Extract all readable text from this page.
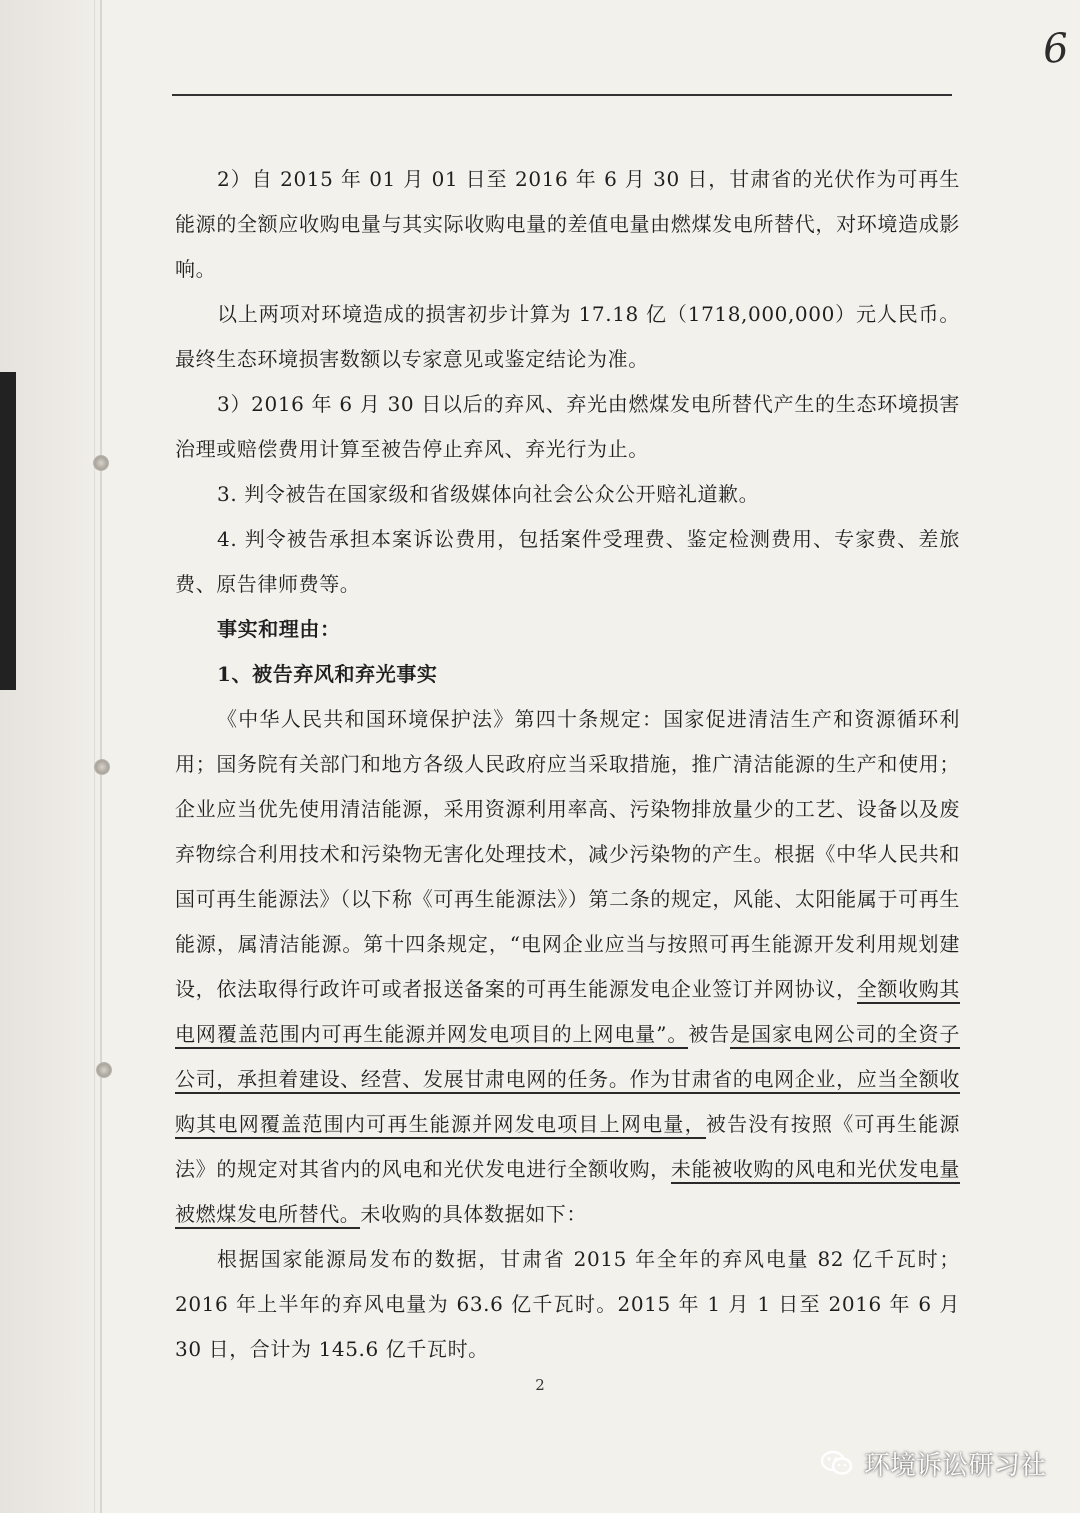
6

2）自 2015 年 01 月 01 日至 2016 年 6 月 30 日，甘肃省的光伏作为可再生能源的全额应收购电量与其实际收购电量的差值电量由燃煤发电所替代，对环境造成影响。

以上两项对环境造成的损害初步计算为 17.18 亿（1718,000,000）元人民币。最终生态环境损害数额以专家意见或鉴定结论为准。

3）2016 年 6 月 30 日以后的弃风、弃光由燃煤发电所替代产生的生态环境损害治理或赔偿费用计算至被告停止弃风、弃光行为止。

3. 判令被告在国家级和省级媒体向社会公众公开赔礼道歉。

4. 判令被告承担本案诉讼费用，包括案件受理费、鉴定检测费用、专家费、差旅费、原告律师费等。

事实和理由：

1、被告弃风和弃光事实

《中华人民共和国环境保护法》第四十条规定：国家促进清洁生产和资源循环利用；国务院有关部门和地方各级人民政府应当采取措施，推广清洁能源的生产和使用；企业应当优先使用清洁能源，采用资源利用率高、污染物排放量少的工艺、设备以及废弃物综合利用技术和污染物无害化处理技术，减少污染物的产生。根据《中华人民共和国可再生能源法》（以下称《可再生能源法》）第二条的规定，风能、太阳能属于可再生能源，属清洁能源。第十四条规定，“电网企业应当与按照可再生能源开发利用规划建设，依法取得行政许可或者报送备案的可再生能源发电企业签订并网协议，全额收购其电网覆盖范围内可再生能源并网发电项目的上网电量”。被告是国家电网公司的全资子公司，承担着建设、经营、发展甘肃电网的任务。作为甘肃省的电网企业，应当全额收购其电网覆盖范围内可再生能源并网发电项目上网电量，被告没有按照《可再生能源法》的规定对其省内的风电和光伏发电进行全额收购，未能被收购的风电和光伏发电量被燃煤发电所替代。未收购的具体数据如下：

根据国家能源局发布的数据，甘肃省 2015 年全年的弃风电量 82 亿千瓦时；2016 年上半年的弃风电量为 63.6 亿千瓦时。2015 年 1 月 1 日至 2016 年 6 月 30 日，合计为 145.6 亿千瓦时。

2
环境诉讼研习社
